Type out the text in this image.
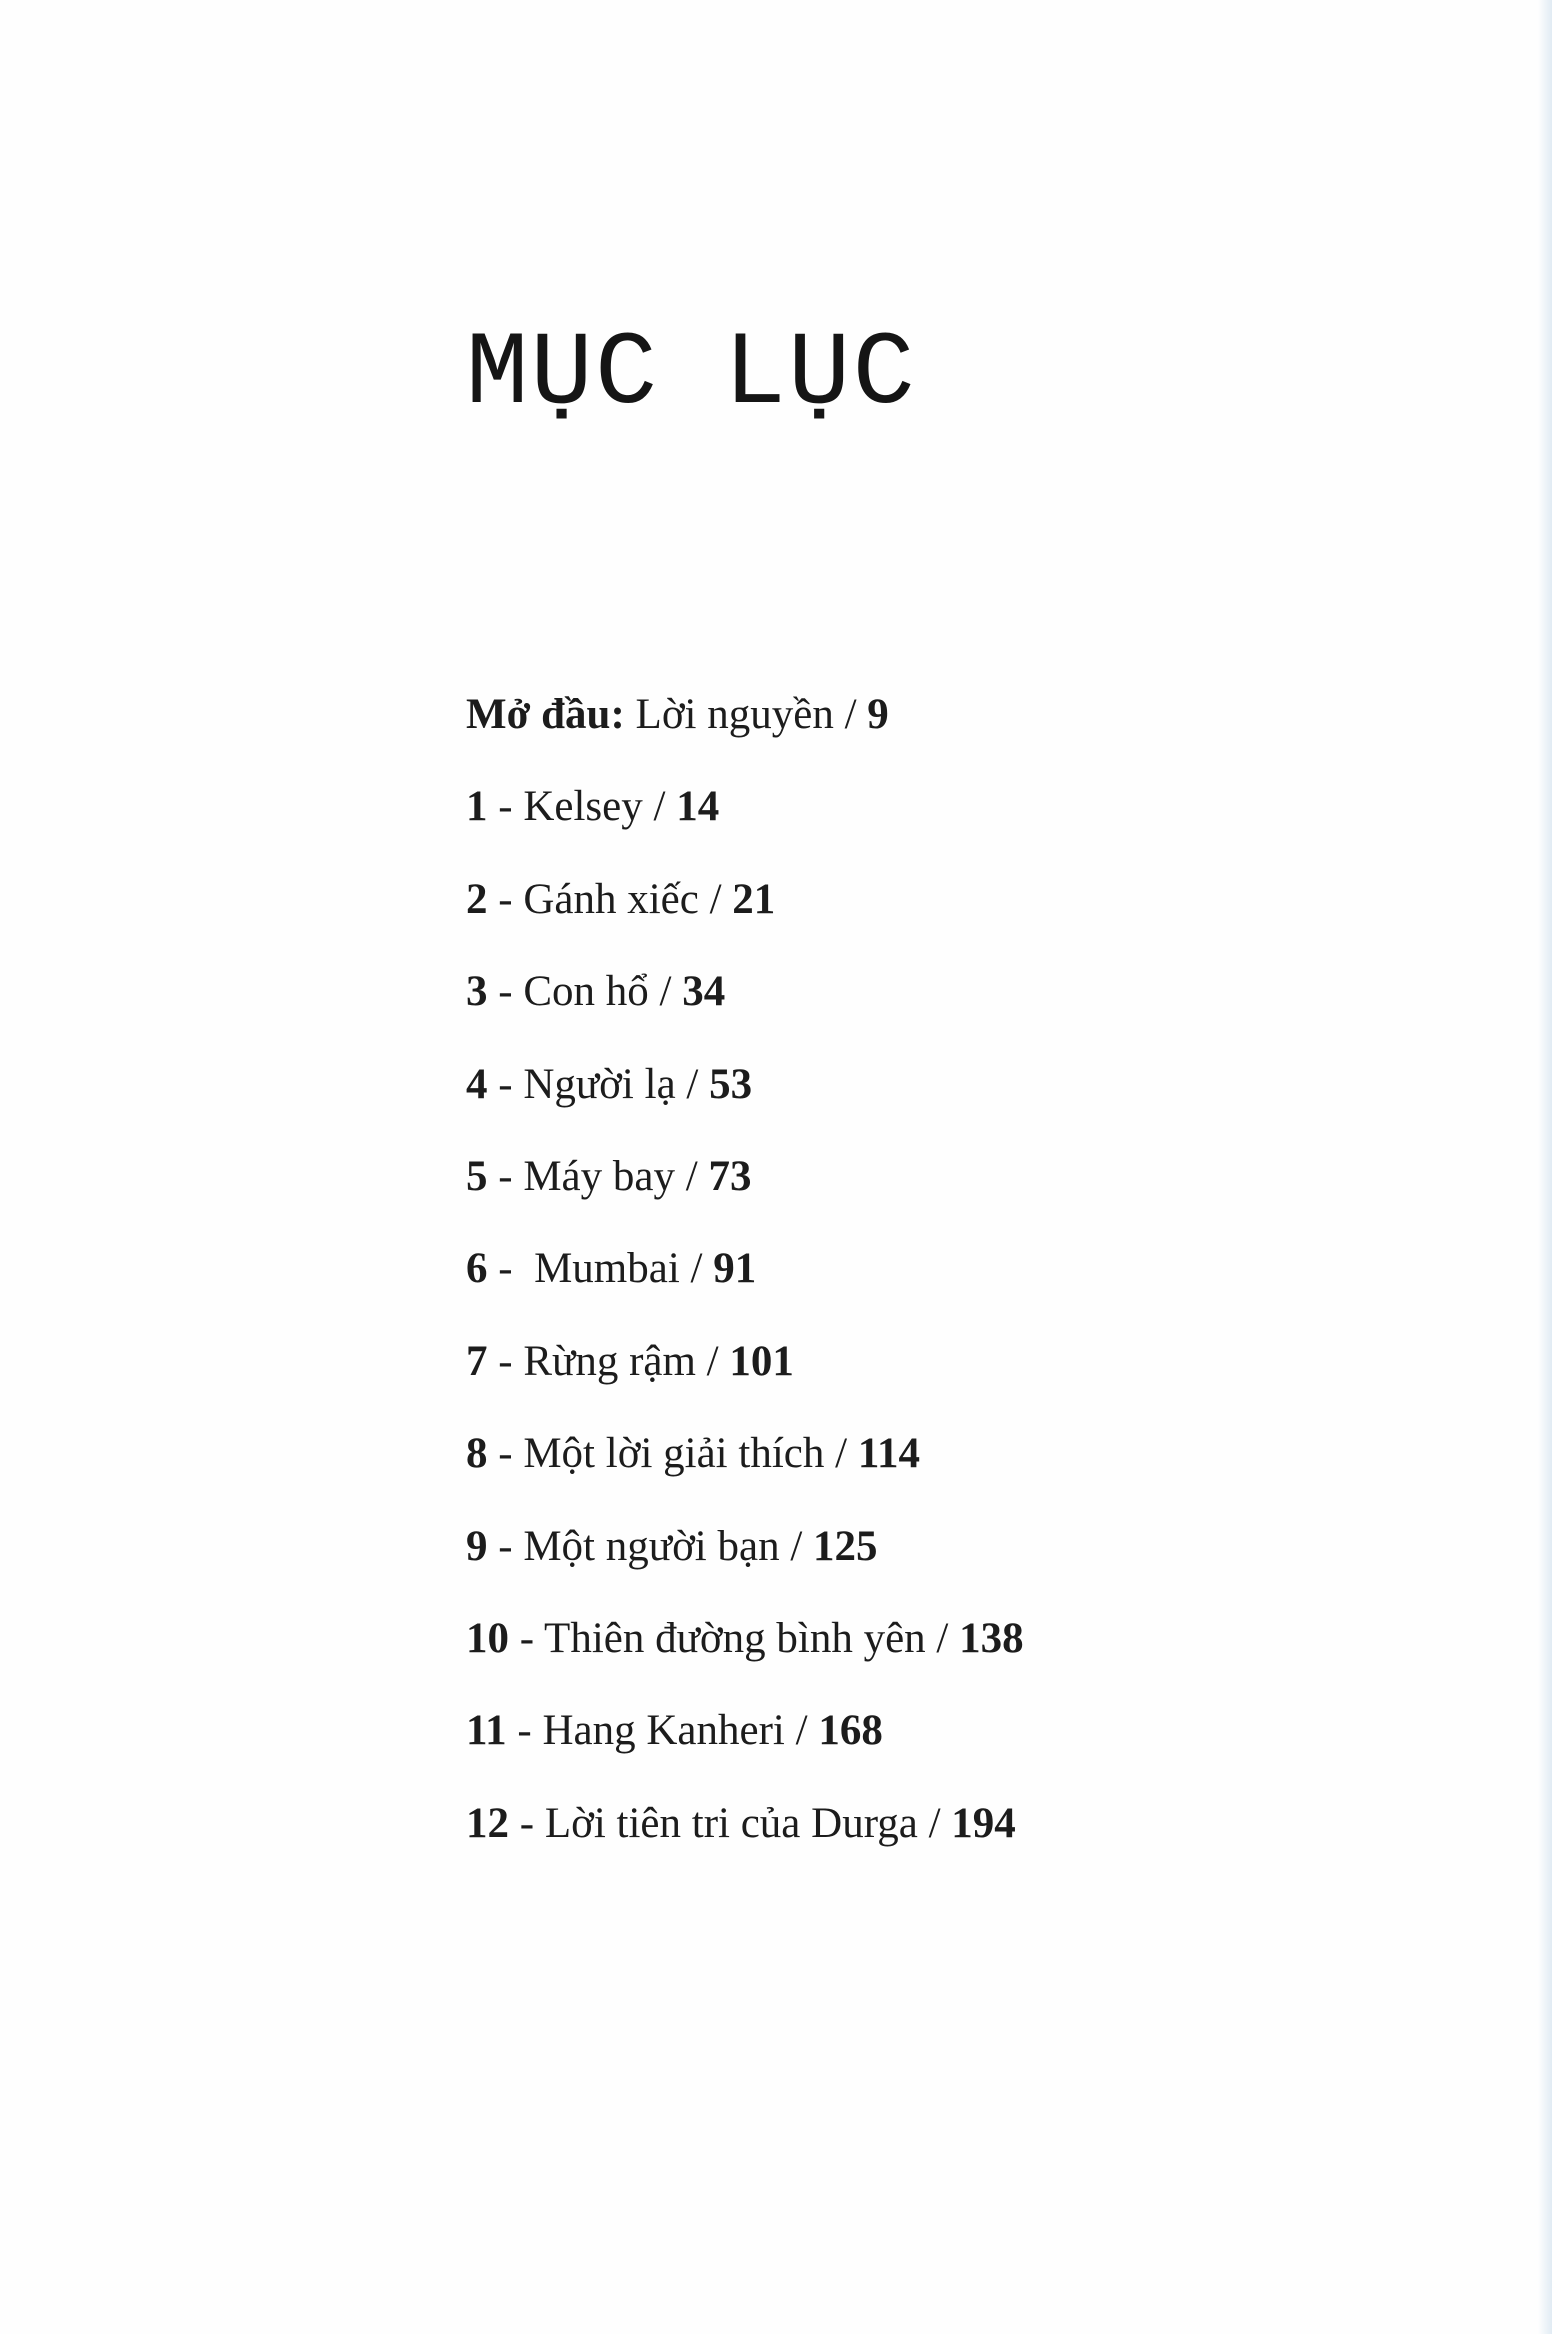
MỤC LỤC
Mở đầu: Lời nguyền / 9
1 - Kelsey / 14
2 - Gánh xiếc / 21
3 - Con hổ / 34
4 - Người lạ / 53
5 - Máy bay / 73
6 -  Mumbai / 91
7 - Rừng rậm / 101
8 - Một lời giải thích / 114
9 - Một người bạn / 125
10 - Thiên đường bình yên / 138
11 - Hang Kanheri / 168
12 - Lời tiên tri của Durga / 194
